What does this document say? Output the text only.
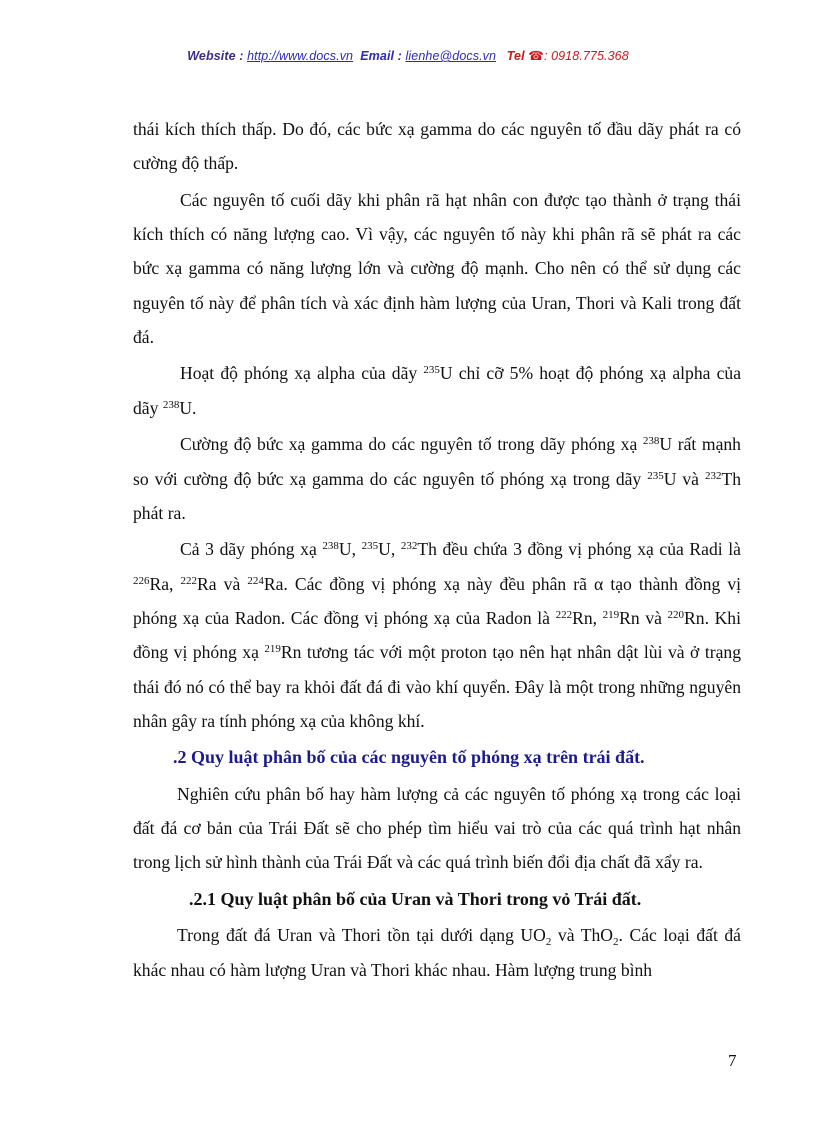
Website : http://www.docs.vn Email : lienhe@docs.vn Tel ☎: 0918.775.368

thái kích thích thấp. Do đó, các bức xạ gamma do các nguyên tố đầu dãy phát ra có cường độ thấp.

Các nguyên tố cuối dãy khi phân rã hạt nhân con được tạo thành ở trạng thái kích thích có năng lượng cao. Vì vậy, các nguyên tố này khi phân rã sẽ phát ra các bức xạ gamma có năng lượng lớn và cường độ mạnh. Cho nên có thể sử dụng các nguyên tố này để phân tích và xác định hàm lượng của Uran, Thori và Kali trong đất đá.

Hoạt độ phóng xạ alpha của dãy $^{235}$U chỉ cỡ 5% hoạt độ phóng xạ alpha của dãy $^{238}$U.

Cường độ bức xạ gamma do các nguyên tố trong dãy phóng xạ $^{238}$U rất mạnh so với cường độ bức xạ gamma do các nguyên tố phóng xạ trong dãy $^{235}$U và $^{232}$Th phát ra.

Cả 3 dãy phóng xạ $^{238}$U, $^{235}$U, $^{232}$Th đều chứa 3 đồng vị phóng xạ của Radi là $^{226}$Ra, $^{222}$Ra và $^{224}$Ra. Các đồng vị phóng xạ này đều phân rã α tạo thành đồng vị phóng xạ của Radon. Các đồng vị phóng xạ của Radon là $^{222}$Rn, $^{219}$Rn và $^{220}$Rn. Khi đồng vị phóng xạ $^{219}$Rn tương tác với một proton tạo nên hạt nhân dật lùi và ở trạng thái đó nó có thể bay ra khỏi đất đá đi vào khí quyển. Đây là một trong những nguyên nhân gây ra tính phóng xạ của không khí.

.2 Quy luật phân bố của các nguyên tố phóng xạ trên trái đất.

Nghiên cứu phân bố hay hàm lượng cả các nguyên tố phóng xạ trong các loại đất đá cơ bản của Trái Đất sẽ cho phép tìm hiểu vai trò của các quá trình hạt nhân trong lịch sử hình thành của Trái Đất và các quá trình biến đổi địa chất đã xẩy ra.

.2.1 Quy luật phân bố của Uran và Thori trong vỏ Trái đất.

Trong đất đá Uran và Thori tồn tại dưới dạng $UO_2$ và ThO$_2$. Các loại đất đá khác nhau có hàm lượng Uran và Thori khác nhau. Hàm lượng trung bình

7
